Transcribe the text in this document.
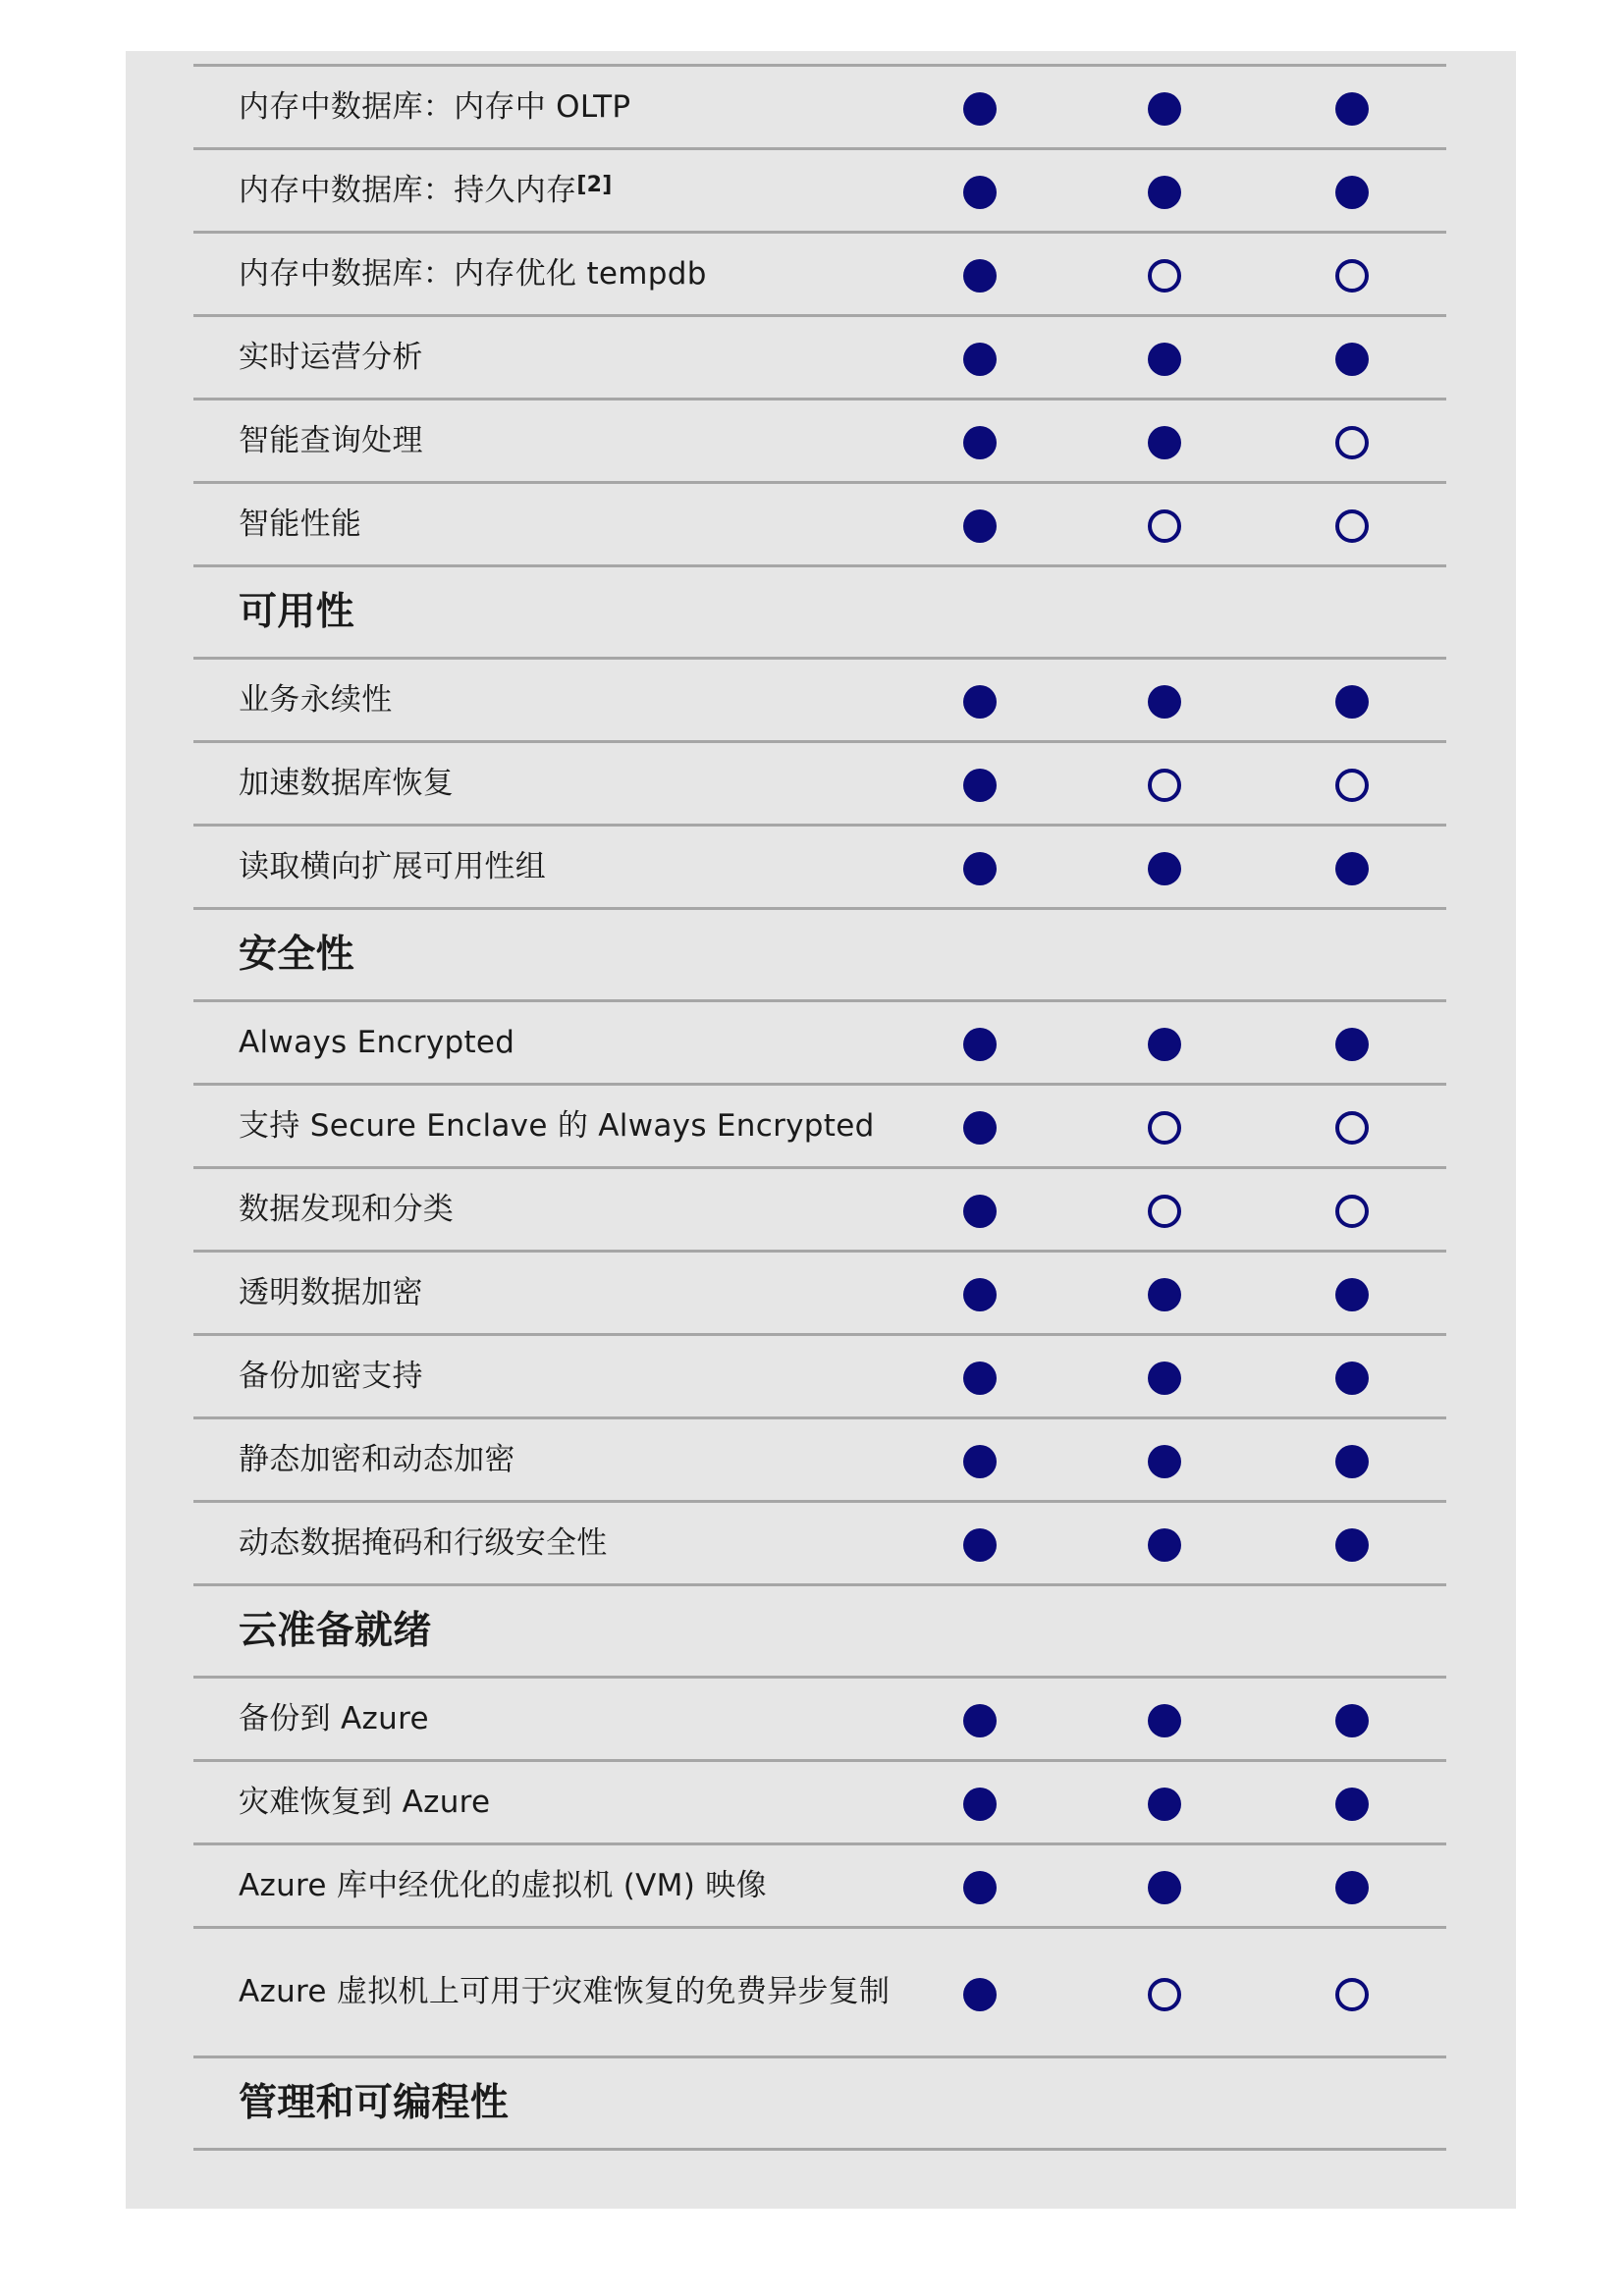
内存中数据库：内存中 OLTP
内存中数据库：持久内存[2]
内存中数据库：内存优化 tempdb
实时运营分析
智能查询处理
智能性能
可用性
业务永续性
加速数据库恢复
读取横向扩展可用性组
安全性
Always Encrypted
支持 Secure Enclave 的 Always Encrypted
数据发现和分类
透明数据加密
备份加密支持
静态加密和动态加密
动态数据掩码和行级安全性
云准备就绪
备份到 Azure
灾难恢复到 Azure
Azure 库中经优化的虚拟机 (VM) 映像
Azure 虚拟机上可用于灾难恢复的免费异步复制
管理和可编程性
